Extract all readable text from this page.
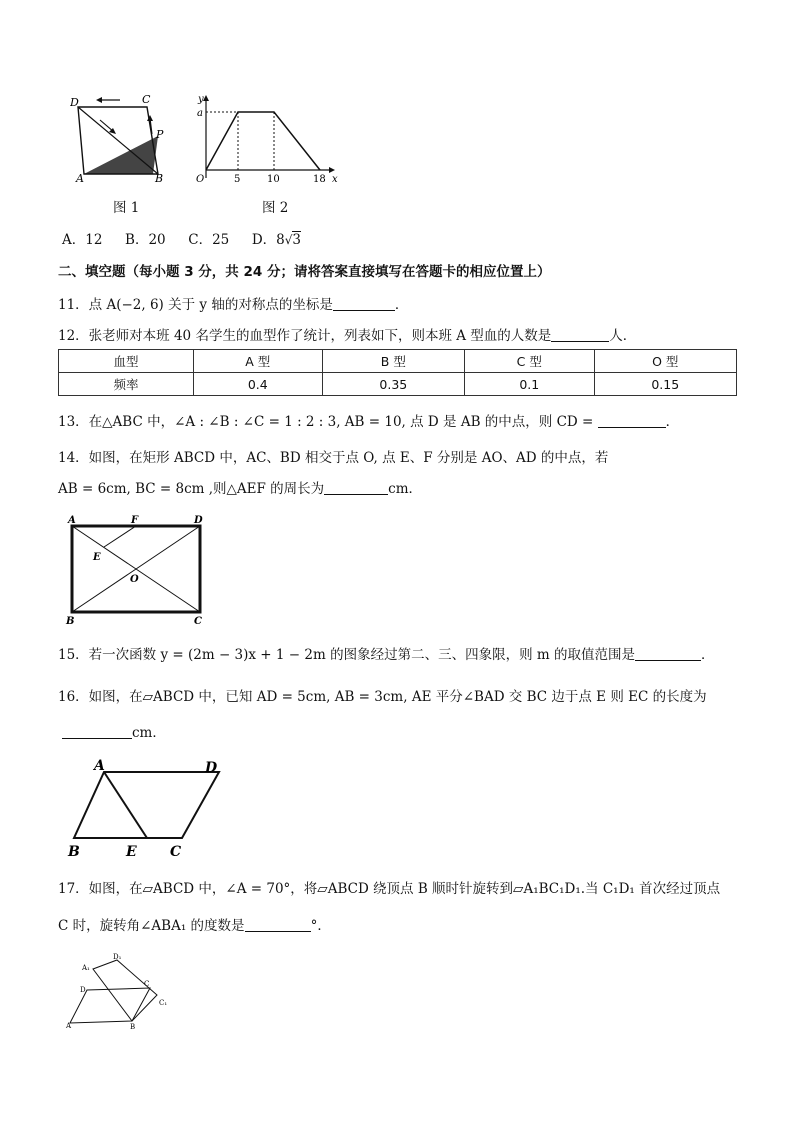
D	C
P
A	B
图 1
y
a
O	5	10	18 x
图 2
A．12 B．20 C．25 D．8√3
二、填空题（每小题 3 分，共 24 分；请将答案直接填写在答题卡的相应位置上）
11．点 A(−2, 6) 关于 y 轴的对称点的坐标是	．
12．张老师对本班 40 名学生的血型作了统计，列表如下，则本班 A 型血的人数是	人．
血型	A 型	B 型	C 型	O 型
频率	0.4	0.35	0.1	0.15
13．在△ABC 中，∠A : ∠B : ∠C = 1 : 2 : 3, AB = 10, 点 D 是 AB 的中点，则 CD =	．
14．如图，在矩形 ABCD 中，AC、BD 相交于点 O, 点 E、F 分别是 AO、AD 的中点，若
AB = 6cm, BC = 8cm ,则△AEF 的周长为	cm．
A	F	D
E
O
B	C
15．若一次函数 y = (2m − 3)x + 1 − 2m 的图象经过第二、三、四象限，则 m 的取值范围是	．
16．如图，在▱ABCD 中，已知 AD = 5cm, AB = 3cm, AE 平分∠BAD 交 BC 边于点 E 则 EC 的长度为
cm．
A	D
B	E C
17．如图，在▱ABCD 中，∠A = 70°，将▱ABCD 绕顶点 B 顺时针旋转到▱A₁BC₁D₁.当 C₁D₁ 首次经过顶点
C 时，旋转角∠ABA₁ 的度数是	°．
A₁
D₁
D
C
C₁
A	B
